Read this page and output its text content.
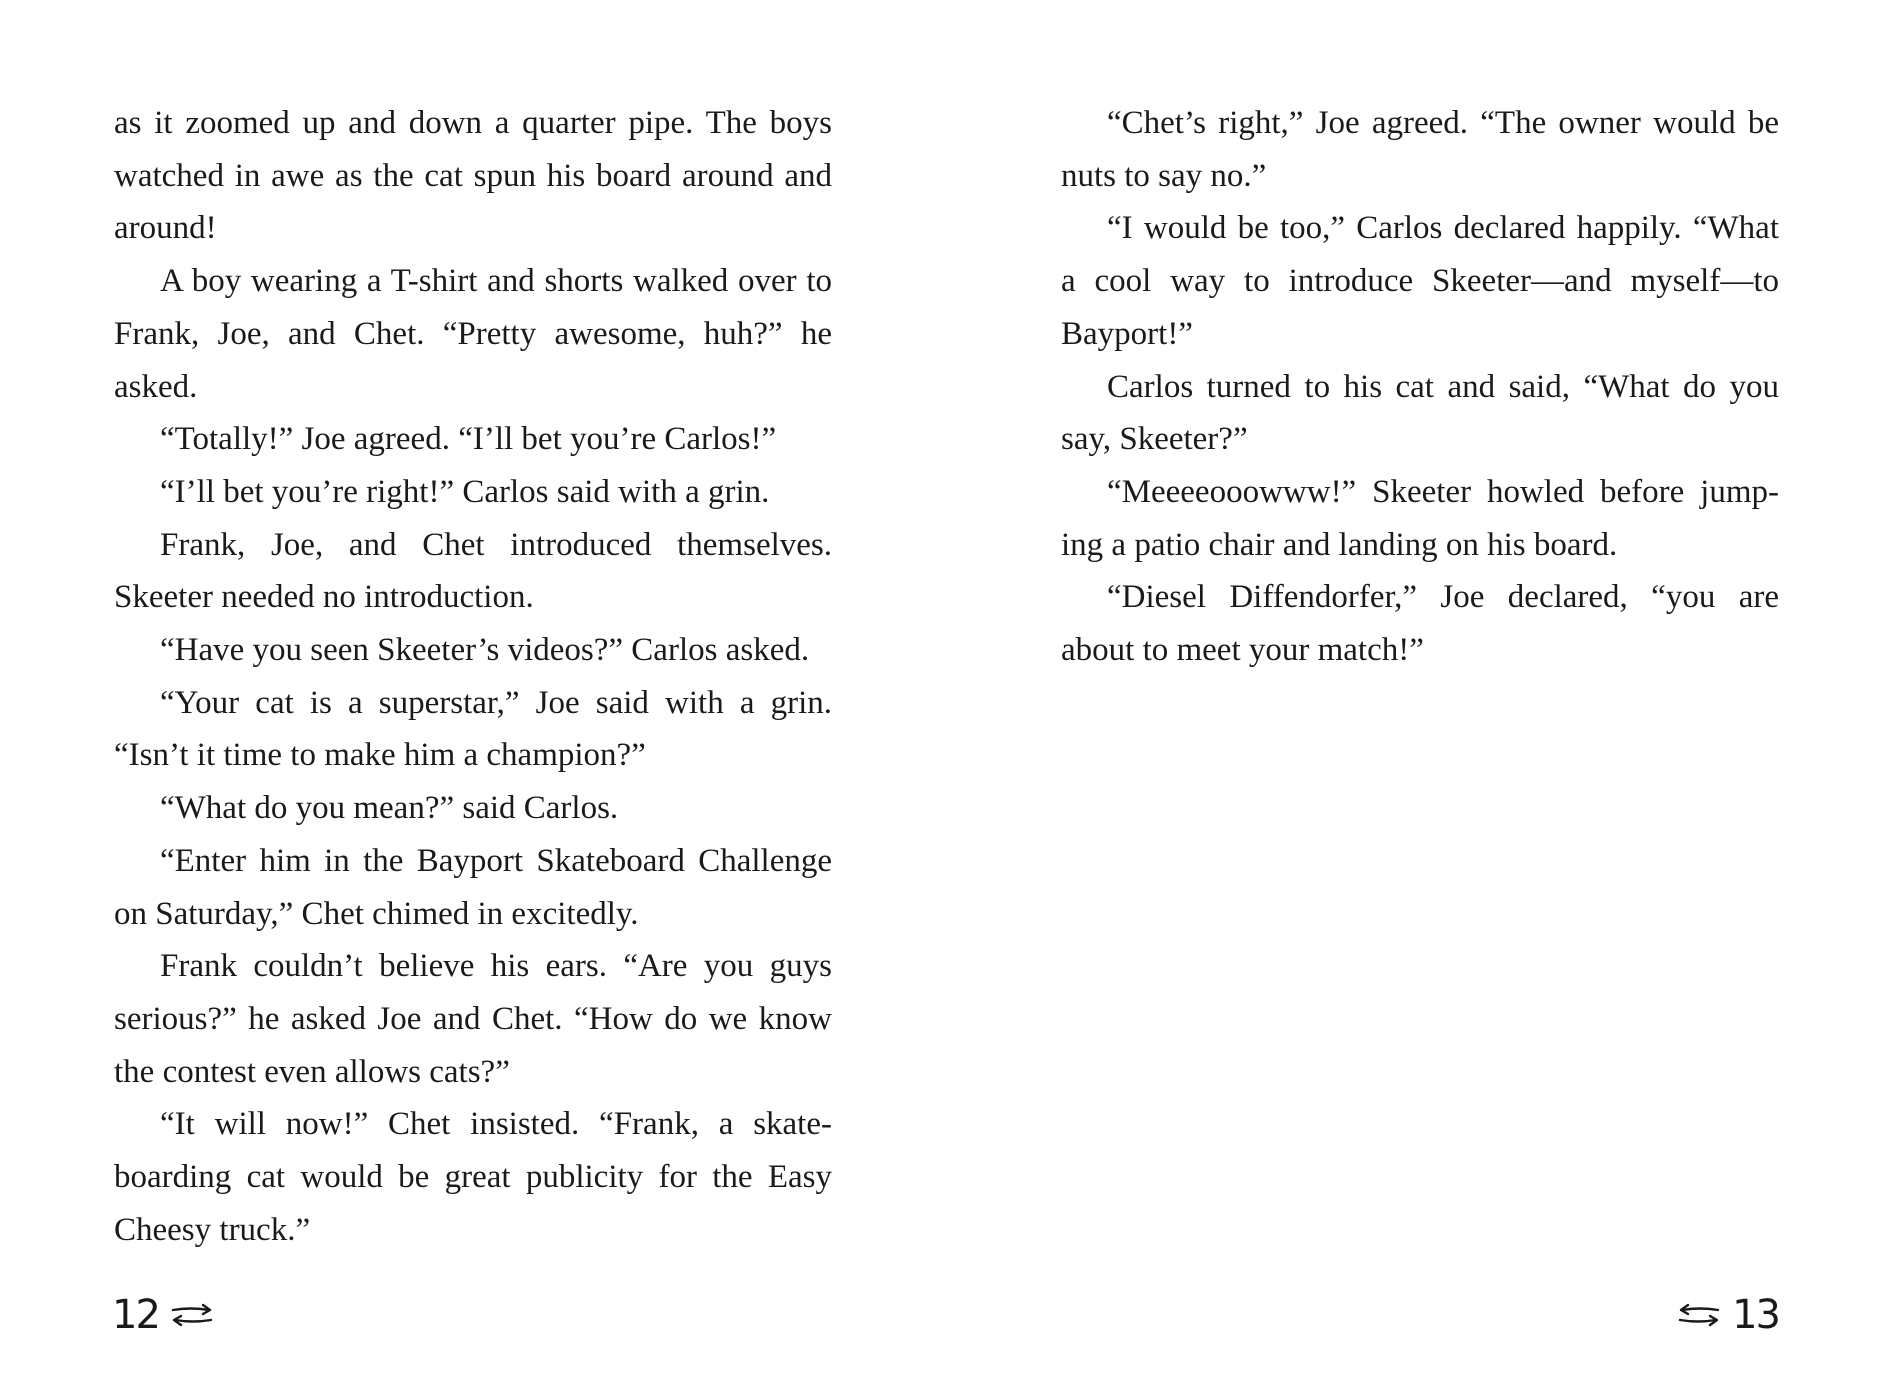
as it zoomed up and down a quarter pipe. The boys watched in awe as the cat spun his board around and around!

A boy wearing a T-shirt and shorts walked over to Frank, Joe, and Chet. “Pretty awesome, huh?” he asked.

“Totally!” Joe agreed. “I’ll bet you’re Carlos!”

“I’ll bet you’re right!” Carlos said with a grin.

Frank, Joe, and Chet introduced themselves. Skeeter needed no introduction.

“Have you seen Skeeter’s videos?” Carlos asked.

“Your cat is a superstar,” Joe said with a grin. “Isn’t it time to make him a champion?”

“What do you mean?” said Carlos.

“Enter him in the Bayport Skateboard Challenge on Saturday,” Chet chimed in excitedly.

Frank couldn’t believe his ears. “Are you guys serious?” he asked Joe and Chet. “How do we know the contest even allows cats?”

“It will now!” Chet insisted. “Frank, a skate-boarding cat would be great publicity for the Easy Cheesy truck.”

“Chet’s right,” Joe agreed. “The owner would be nuts to say no.”

“I would be too,” Carlos declared happily. “What a cool way to introduce Skeeter—and myself—to Bayport!”

Carlos turned to his cat and said, “What do you say, Skeeter?”

“Meeeeooowww!” Skeeter howled before jump-ing a patio chair and landing on his board.

“Diesel Diffendorfer,” Joe declared, “you are about to meet your match!”

12	13
